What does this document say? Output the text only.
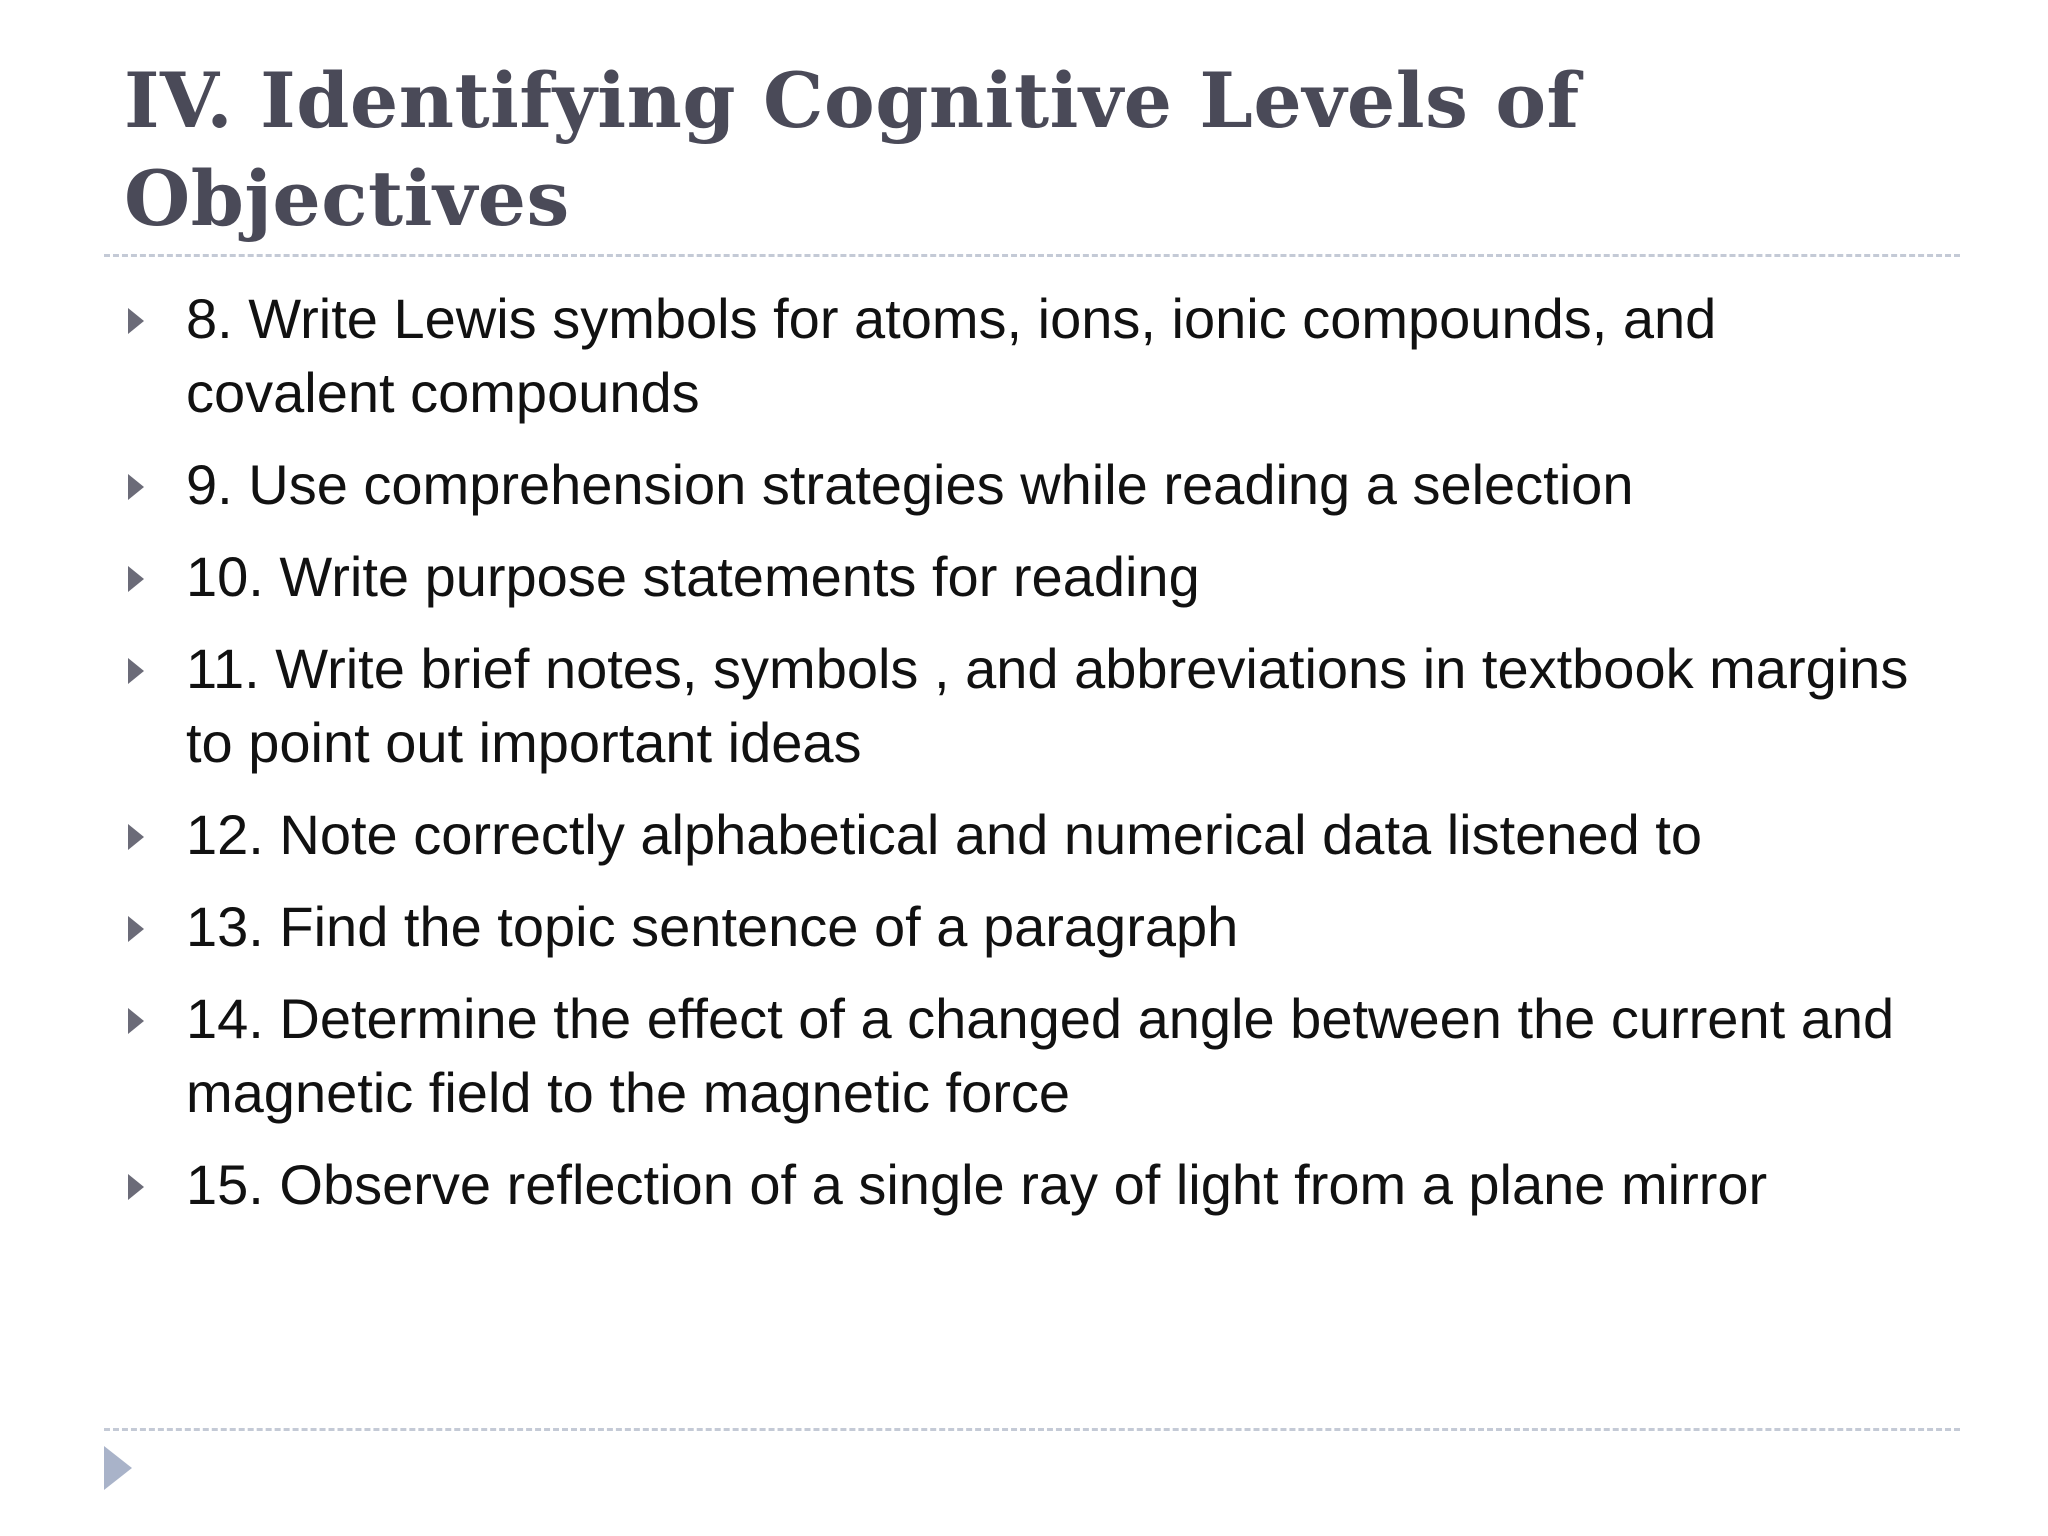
IV. Identifying Cognitive Levels of Objectives
8. Write Lewis symbols for atoms, ions, ionic compounds, and covalent compounds
9. Use comprehension strategies while reading a selection
10. Write purpose statements for reading
11. Write brief notes, symbols , and abbreviations in textbook margins to point out important ideas
12. Note correctly alphabetical and numerical data listened to
13. Find the topic sentence of a paragraph
14. Determine the effect of a changed angle between the current and magnetic field to the magnetic force
15. Observe reflection of a single ray of light from a plane mirror
